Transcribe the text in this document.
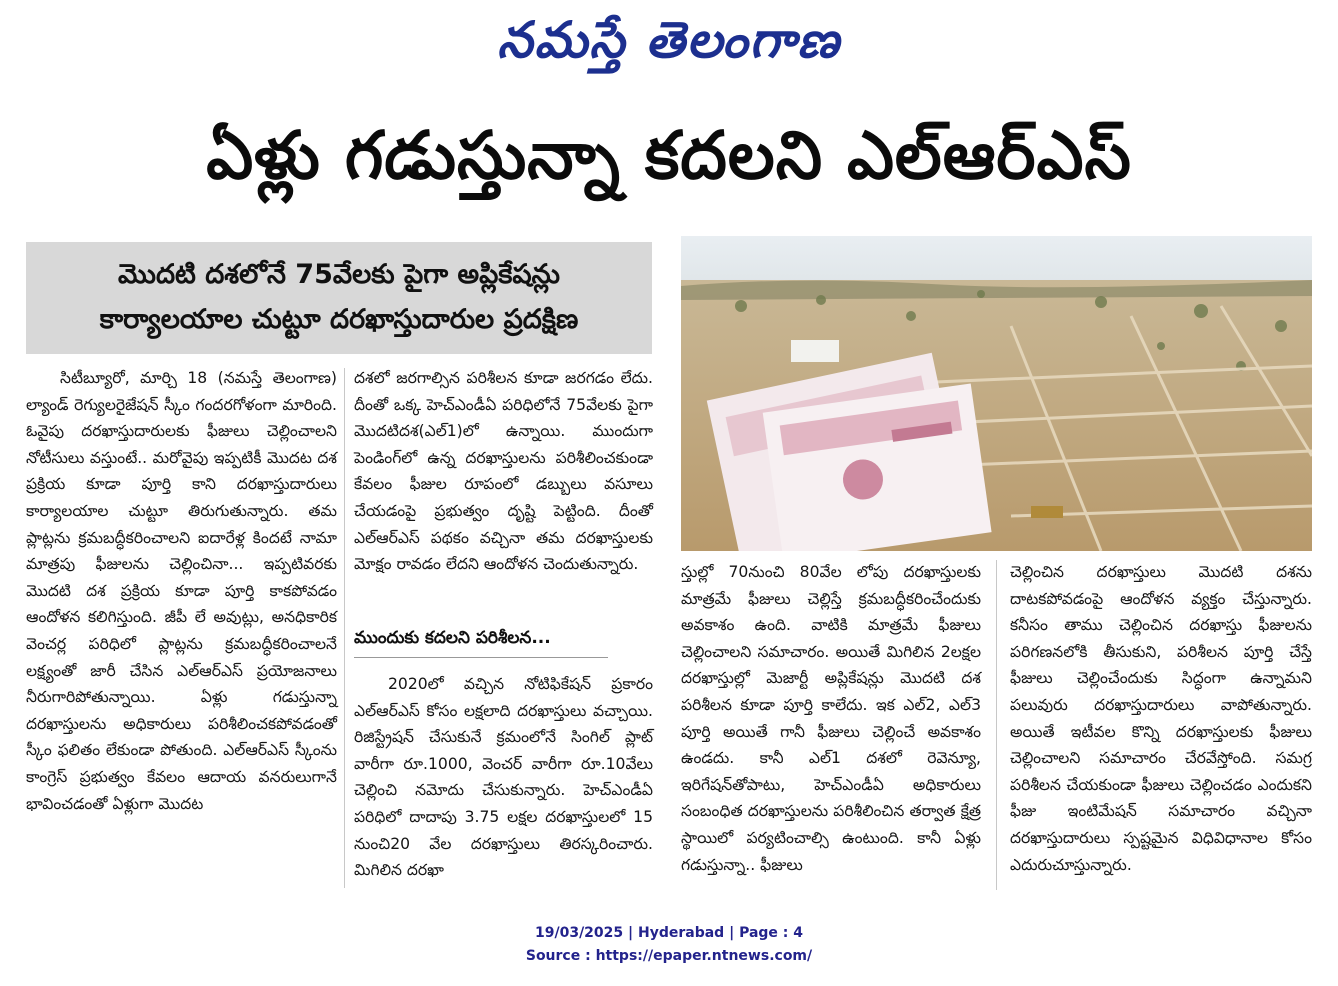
నమస్తే తెలంగాణ
ఏళ్లు గడుస్తున్నా కదలని ఎల్‌ఆర్‌ఎస్‌
మొదటి దశలోనే 75వేలకు పైగా అప్లికేషన్లు
కార్యాలయాల చుట్టూ దరఖాస్తుదారుల ప్రదక్షిణ

సిటీబ్యూరో, మార్చి 18 (నమస్తే తెలంగాణ) ల్యాండ్‌ రెగ్యులరైజేషన్‌ స్కీం గందరగోళంగా మారింది. ఓవైపు దరఖాస్తుదారులకు ఫీజులు చెల్లించాలని నోటీసులు వస్తుంటే.. మరోవైపు ఇప్పటికీ మొదట దశ ప్రక్రియ కూడా పూర్తి కాని దరఖాస్తుదారులు కార్యాలయాల చుట్టూ తిరుగుతున్నారు. తమ ప్లాట్లను క్రమబద్ధీకరించాలని ఐదారేళ్ల కిందటే నామా మాత్రపు ఫీజులను చెల్లించినా... ఇప్పటివరకు మొదటి దశ ప్రక్రియ కూడా పూర్తి కాకపోవడం ఆందోళన కలిగిస్తుంది. జీపీ లే అవుట్లు, అనధికారిక వెంచర్ల పరిధిలో ప్లాట్లను క్రమబద్ధీకరించాలనే లక్ష్యంతో జారీ చేసిన ఎల్‌ఆర్‌ఎస్‌ ప్రయోజనాలు నీరుగారిపోతున్నాయి. ఏళ్లు గడుస్తున్నా దరఖాస్తులను అధికారులు పరిశీలించకపోవడంతో స్కీం ఫలితం లేకుండా పోతుంది. ఎల్‌ఆర్‌ఎస్‌ స్కీంను కాంగ్రెస్‌ ప్రభుత్వం కేవలం ఆదాయ వనరులుగానే భావించడంతో ఏళ్లుగా మొదట

దశలో జరగాల్సిన పరిశీలన కూడా జరగడం లేదు. దీంతో ఒక్క హెచ్‌ఎండీఏ పరిధిలోనే 75వేలకు పైగా మొదటిదశ(ఎల్‌1)లో ఉన్నాయి. ముందుగా పెండింగ్‌లో ఉన్న దరఖాస్తులను పరిశీలించకుండా కేవలం ఫీజుల రూపంలో డబ్బులు వసూలు చేయడంపై ప్రభుత్వం దృష్టి పెట్టింది. దీంతో ఎల్‌ఆర్‌ఎస్‌ పథకం వచ్చినా తమ దరఖాస్తులకు మోక్షం రావడం లేదని ఆందోళన చెందుతున్నారు.

ముందుకు కదలని పరిశీలన...

2020లో వచ్చిన నోటిఫికేషన్‌ ప్రకారం ఎల్‌ఆర్‌ఎస్‌ కోసం లక్షలాది దరఖాస్తులు వచ్చాయి. రిజిస్ట్రేషన్‌ చేసుకునే క్రమంలోనే సింగిల్‌ ప్లాట్‌ వారీగా రూ.1000, వెంచర్‌ వారీగా రూ.10వేలు చెల్లించి నమోదు చేసుకున్నారు. హెచ్‌ఎండీఏ పరిధిలో దాదాపు 3.75 లక్షల దరఖాస్తులలో 15 నుంచి20 వేల దరఖాస్తులు తిరస్కరించారు. మిగిలిన దరఖా

స్తుల్లో 70నుంచి 80వేల లోపు దరఖాస్తులకు మాత్రమే ఫీజులు చెల్లిస్తే క్రమబద్ధీకరించేందుకు అవకాశం ఉంది. వాటికి మాత్రమే ఫీజులు చెల్లించాలని సమాచారం. అయితే మిగిలిన 2లక్షల దరఖాస్తుల్లో మెజార్టీ అప్లికేషన్లు మొదటి దశ పరిశీలన కూడా పూర్తి కాలేదు. ఇక ఎల్‌2, ఎల్‌3 పూర్తి అయితే గానీ ఫీజులు చెల్లించే అవకాశం ఉండదు. కానీ ఎల్‌1 దశలో రెవెన్యూ, ఇరిగేషన్‌తోపాటు, హెచ్‌ఎండీఏ అధికారులు సంబంధిత దరఖాస్తులను పరిశీలించిన తర్వాత క్షేత్ర స్థాయిలో పర్యటించాల్సి ఉంటుంది. కానీ ఏళ్లు గడుస్తున్నా.. ఫీజులు

చెల్లించిన దరఖాస్తులు మొదటి దశను దాటకపోవడంపై ఆందోళన వ్యక్తం చేస్తున్నారు. కనీసం తాము చెల్లించిన దరఖాస్తు ఫీజులను పరిగణనలోకి తీసుకుని, పరిశీలన పూర్తి చేస్తే ఫీజులు చెల్లించేందుకు సిద్ధంగా ఉన్నామని పలువురు దరఖాస్తుదారులు వాపోతున్నారు. అయితే ఇటీవల కొన్ని దరఖాస్తులకు ఫీజులు చెల్లించాలని సమాచారం చేరవేస్తోంది. సమగ్ర పరిశీలన చేయకుండా ఫీజులు చెల్లించడం ఎందుకని ఫీజు ఇంటిమేషన్‌ సమాచారం వచ్చినా దరఖాస్తుదారులు స్పష్టమైన విధివిధానాల కోసం ఎదురుచూస్తున్నారు.

19/03/2025 | Hyderabad | Page : 4
Source : https://epaper.ntnews.com/
